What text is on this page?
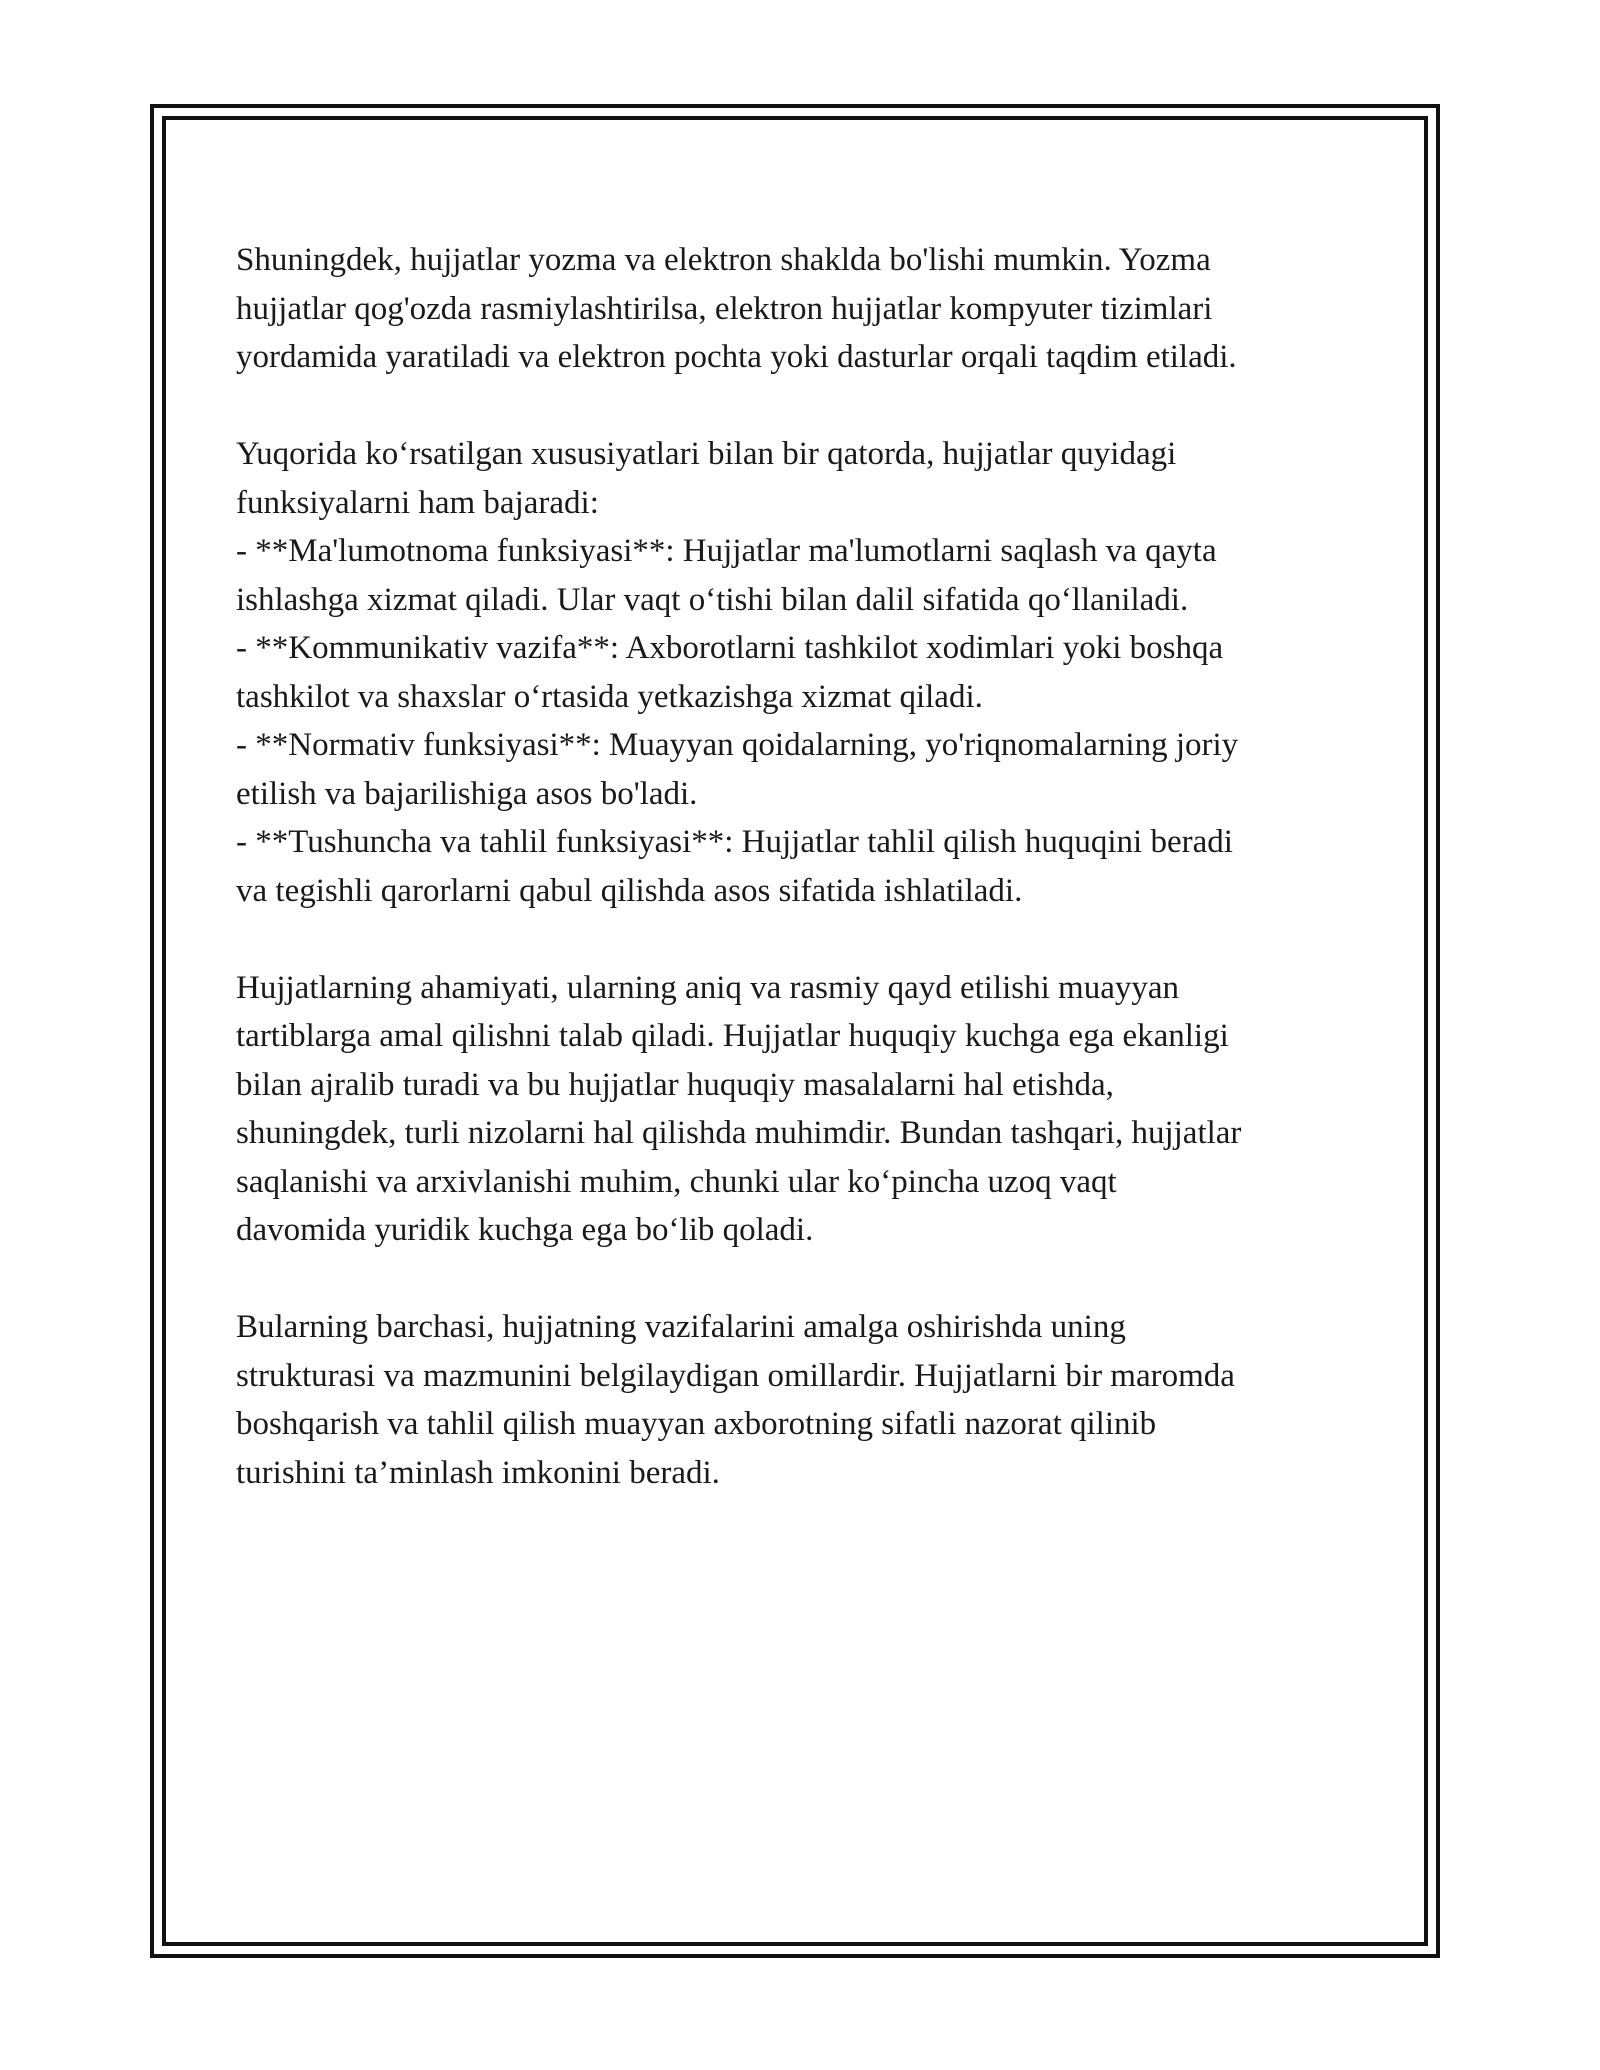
Shuningdek, hujjatlar yozma va elektron shaklda bo'lishi mumkin. Yozma
hujjatlar qog'ozda rasmiylashtirilsa, elektron hujjatlar kompyuter tizimlari
yordamida yaratiladi va elektron pochta yoki dasturlar orqali taqdim etiladi.

Yuqorida koʻrsatilgan xususiyatlari bilan bir qatorda, hujjatlar quyidagi
funksiyalarni ham bajaradi:
- **Ma'lumotnoma funksiyasi**: Hujjatlar ma'lumotlarni saqlash va qayta
ishlashga xizmat qiladi. Ular vaqt oʻtishi bilan dalil sifatida qoʻllaniladi.
- **Kommunikativ vazifa**: Axborotlarni tashkilot xodimlari yoki boshqa
tashkilot va shaxslar oʻrtasida yetkazishga xizmat qiladi.
- **Normativ funksiyasi**: Muayyan qoidalarning, yo'riqnomalarning joriy
etilish va bajarilishiga asos bo'ladi.
- **Tushuncha va tahlil funksiyasi**: Hujjatlar tahlil qilish huquqini beradi
va tegishli qarorlarni qabul qilishda asos sifatida ishlatiladi.

Hujjatlarning ahamiyati, ularning aniq va rasmiy qayd etilishi muayyan
tartiblarga amal qilishni talab qiladi. Hujjatlar huquqiy kuchga ega ekanligi
bilan ajralib turadi va bu hujjatlar huquqiy masalalarni hal etishda,
shuningdek, turli nizolarni hal qilishda muhimdir. Bundan tashqari, hujjatlar
saqlanishi va arxivlanishi muhim, chunki ular koʻpincha uzoq vaqt
davomida yuridik kuchga ega boʻlib qoladi.

Bularning barchasi, hujjatning vazifalarini amalga oshirishda uning
strukturasi va mazmunini belgilaydigan omillardir. Hujjatlarni bir maromda
boshqarish va tahlil qilish muayyan axborotning sifatli nazorat qilinib
turishini ta’minlash imkonini beradi.
